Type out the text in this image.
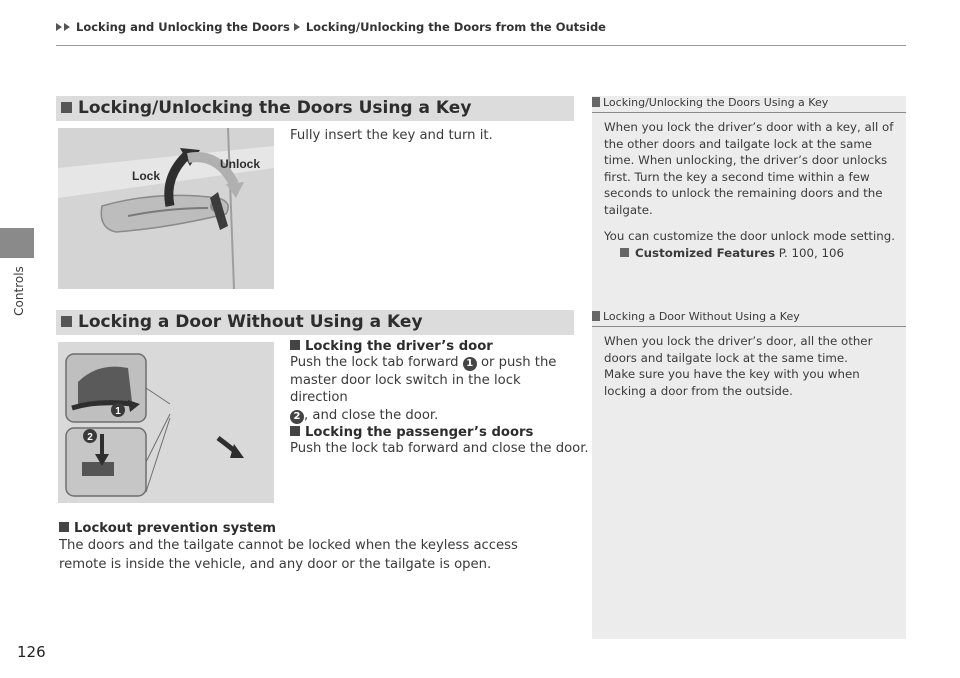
Locking and Unlocking the Doors Locking/Unlocking the Doors from the Outside
Controls
Locking/Unlocking the Doors Using a Key
Lock
Unlock
Fully insert the key and turn it.
Locking a Door Without Using a Key
1
2
Locking the driver’s door
Push the lock tab forward 1 or push the master door lock switch in the lock direction
2 , and close the door.
Locking the passenger’s doors
Push the lock tab forward and close the door.
Lockout prevention system
The doors and the tailgate cannot be locked when the keyless access remote is inside the vehicle, and any door or the tailgate is open.
Locking/Unlocking the Doors Using a Key
When you lock the driver’s door with a key, all of the other doors and tailgate lock at the same time. When unlocking, the driver’s door unlocks first. Turn the key a second time within a few seconds to unlock the remaining doors and the tailgate.
You can customize the door unlock mode setting.
Customized Features P. 100, 106
Locking a Door Without Using a Key
When you lock the driver’s door, all the other doors and tailgate lock at the same time.
Make sure you have the key with you when locking a door from the outside.
126
